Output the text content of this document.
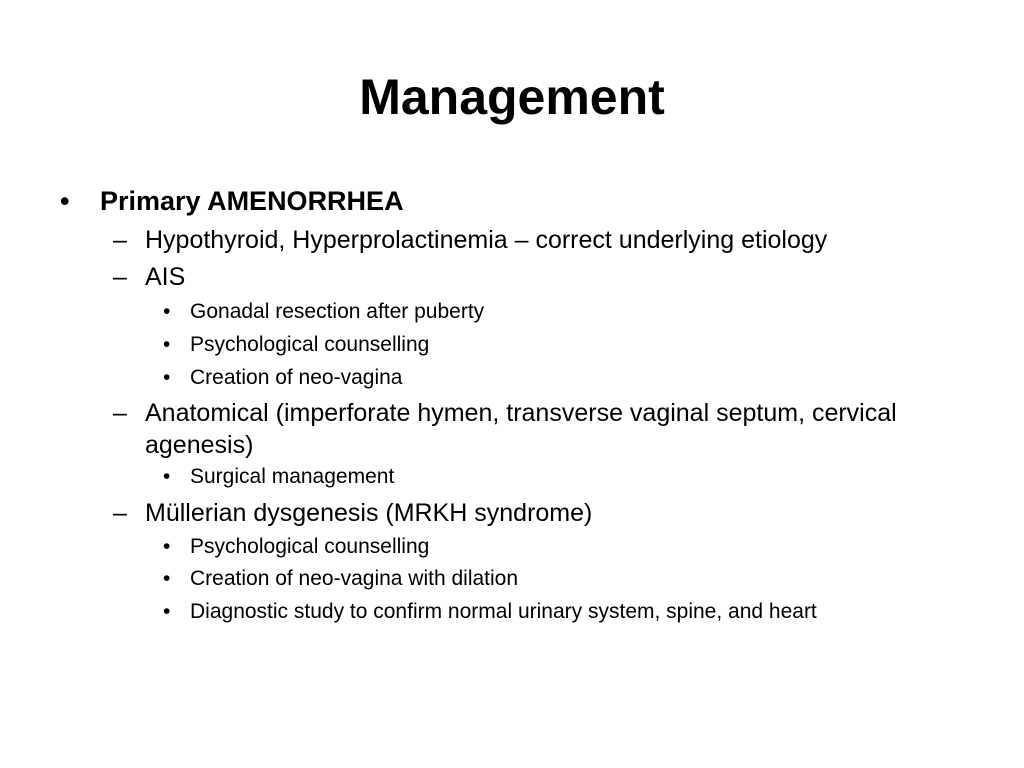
Management
• Primary AMENORRHEA
– Hypothyroid, Hyperprolactinemia – correct underlying etiology
– AIS
• Gonadal resection after puberty
• Psychological counselling
• Creation of neo-vagina
– Anatomical (imperforate hymen, transverse vaginal septum, cervical agenesis)
• Surgical management
– Müllerian dysgenesis (MRKH syndrome)
• Psychological counselling
• Creation of neo-vagina with dilation
• Diagnostic study to confirm normal urinary system, spine, and heart
